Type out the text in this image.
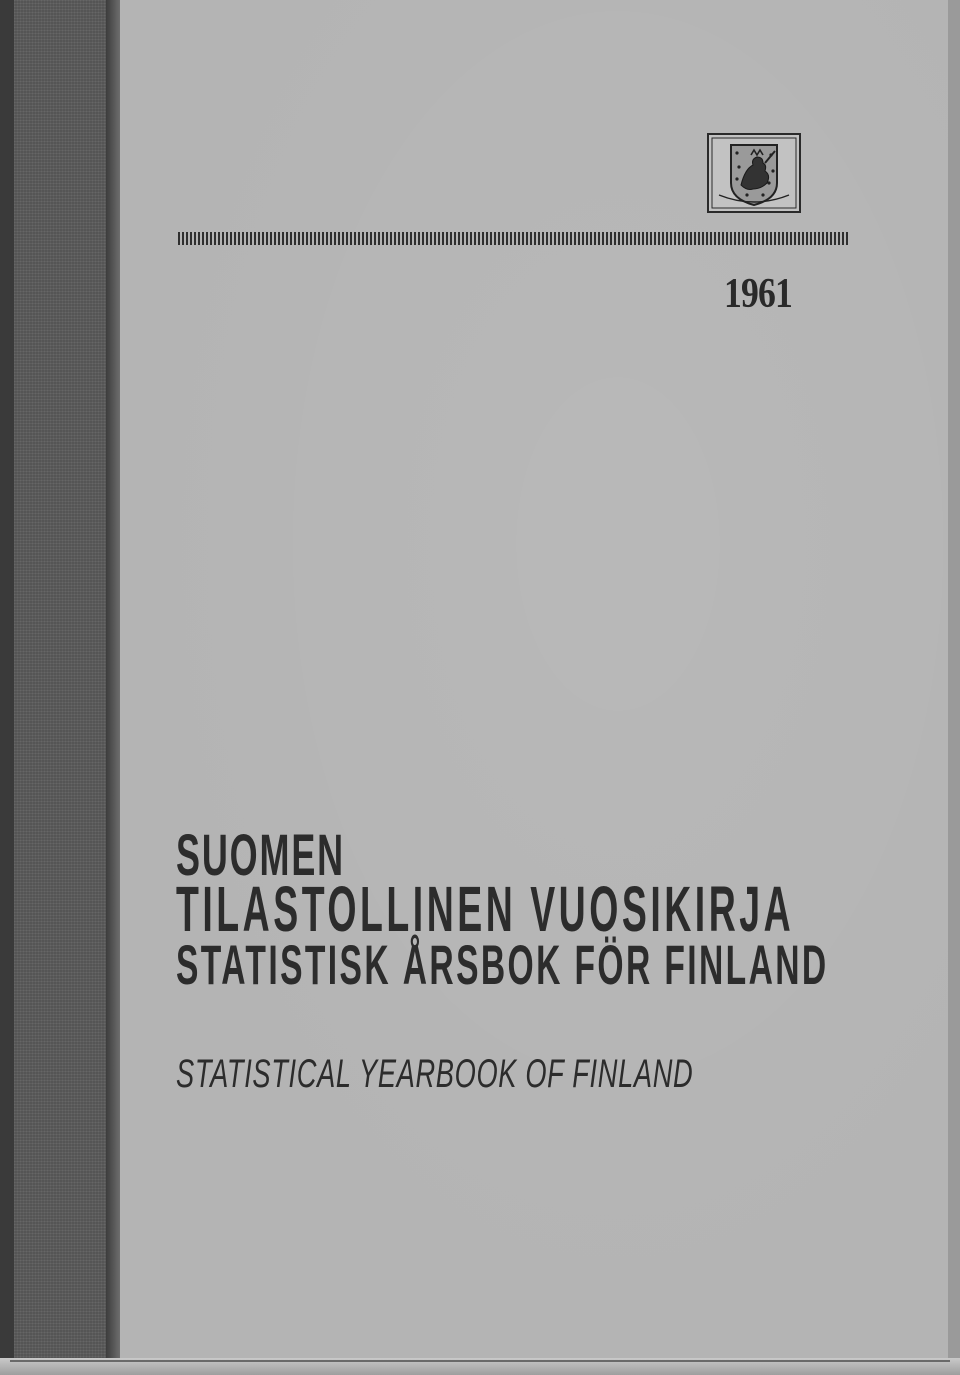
1961
SUOMEN
TILASTOLLINEN VUOSIKIRJA
STATISTISK ÅRSBOK FÖR FINLAND
STATISTICAL YEARBOOK OF FINLAND
